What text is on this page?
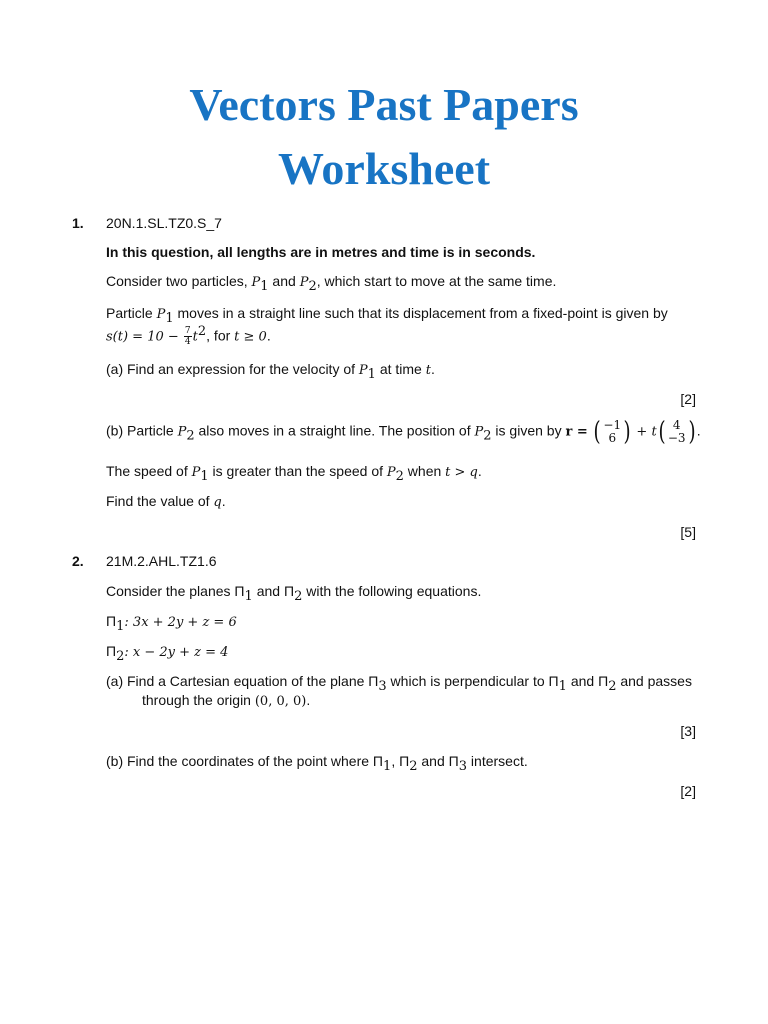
Vectors Past Papers
Worksheet
1. 20N.1.SL.TZ0.S_7
In this question, all lengths are in metres and time is in seconds.
Consider two particles, $P_1$ and $P_2$, which start to move at the same time.
Particle $P_1$ moves in a straight line such that its displacement from a fixed-point is given by
$s(t) = 10 - \frac{7}{4} t^2$, for t ≥ 0.
(a) Find an expression for the velocity of $P_1$ at time t.
[2]
(b) Particle $P_2$ also moves in a straight line. The position of $P_2$ is given by r = ( −1
6 ) + t ( 4
−3 ) .
The speed of $P_1$ is greater than the speed of $P_2$ when t > q.
Find the value of q.
[5]
2. 21M.2.AHL.TZ1.6
Consider the planes $\Pi_1$ and $\Pi_2$ with the following equations.
$\Pi_1$: 3x + 2y + z = 6
$\Pi_2$: x − 2y + z = 4
(a) Find a Cartesian equation of the plane $\Pi_3$ which is perpendicular to $\Pi_1$ and $\Pi_2$ and passes
through the origin (0, 0, 0).
[3]
(b) Find the coordinates of the point where $\Pi_1$, $\Pi_2$ and $\Pi_3$ intersect.
[2]
